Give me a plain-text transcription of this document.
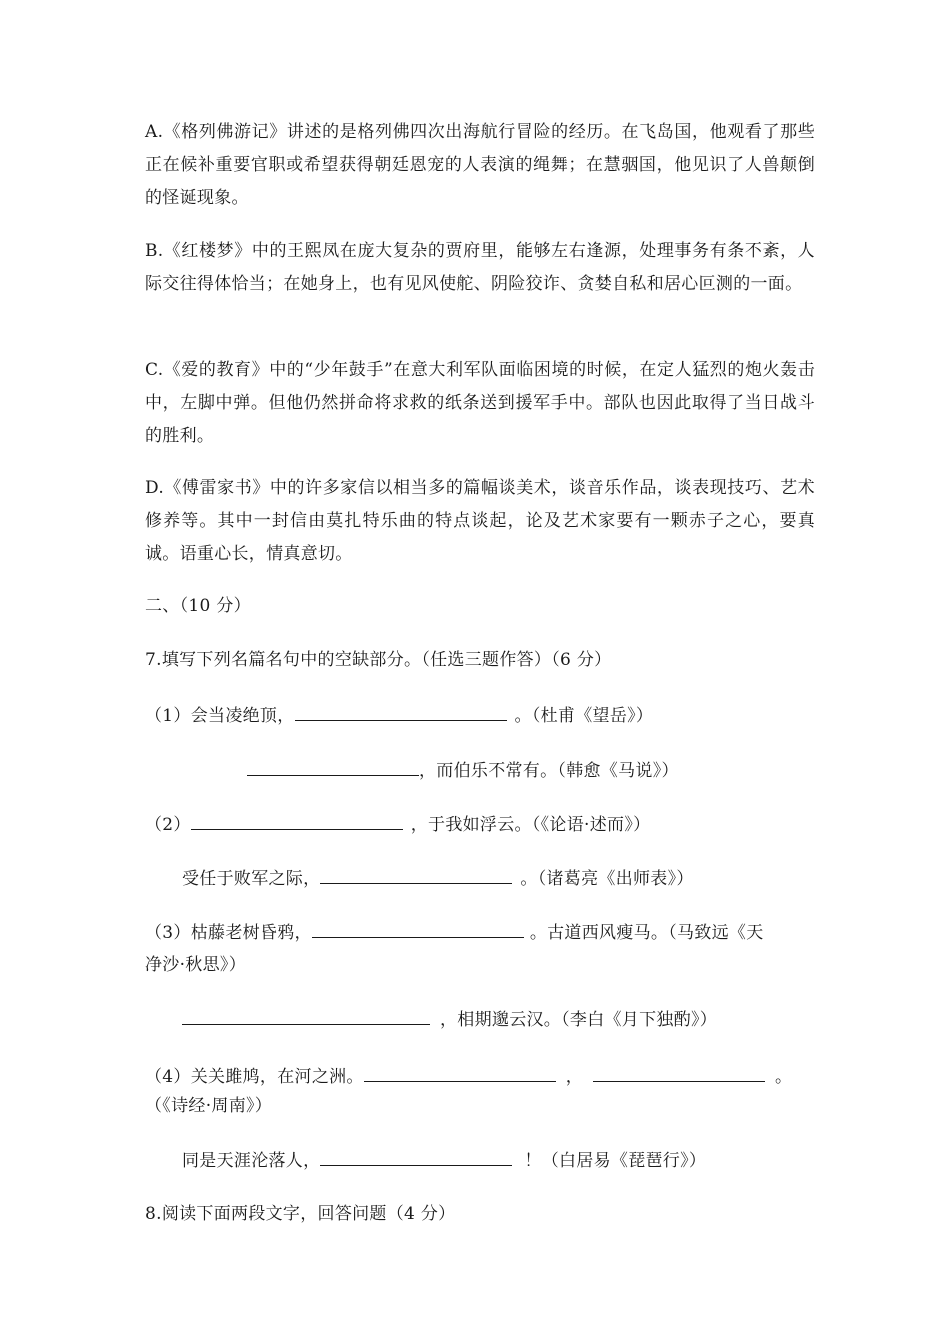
A.《格列佛游记》讲述的是格列佛四次出海航行冒险的经历。在飞岛国，他观看了那些正在候补重要官职或希望获得朝廷恩宠的人表演的绳舞；在慧骃国，他见识了人兽颠倒的怪诞现象。

B.《红楼梦》中的王熙凤在庞大复杂的贾府里，能够左右逢源，处理事务有条不紊，人际交往得体恰当；在她身上，也有见风使舵、阴险狡诈、贪婪自私和居心叵测的一面。

C.《爱的教育》中的“少年鼓手”在意大利军队面临困境的时候，在定人猛烈的炮火轰击中，左脚中弹。但他仍然拼命将求救的纸条送到援军手中。部队也因此取得了当日战斗的胜利。

D.《傅雷家书》中的许多家信以相当多的篇幅谈美术，谈音乐作品，谈表现技巧、艺术修养等。其中一封信由莫扎特乐曲的特点谈起，论及艺术家要有一颗赤子之心，要真诚。语重心长，情真意切。

二、（10 分）
7.填写下列名篇名句中的空缺部分。（任选三题作答）（6 分）
（1）会当凌绝顶，	。（杜甫《望岳》）
，而伯乐不常有。（韩愈《马说》）
（2）	，于我如浮云。（《论语·述而》）
受任于败军之际，	。（诸葛亮《出师表》）
（3）枯藤老树昏鸦，	。古道西风瘦马。（马致远《天
净沙·秋思》）
，相期邈云汉。（李白《月下独酌》）
（4）关关雎鸠，在河之洲。	，	。
（《诗经·周南》）
同是天涯沦落人，	！（白居易《琵琶行》）
8.阅读下面两段文字，回答问题（4 分）
